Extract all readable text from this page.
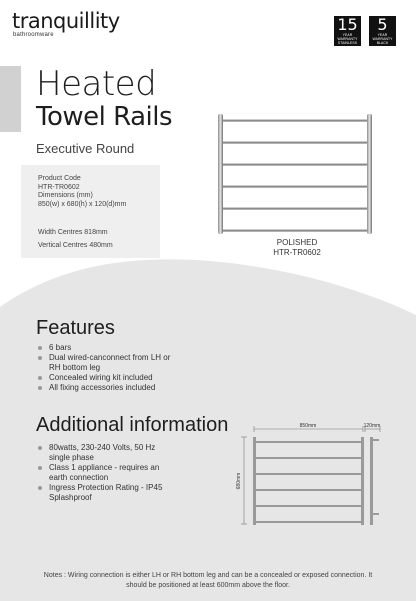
tranquillity
bathroomware
15
YEAR
WARRANTY
STAINLESS
5
YEAR
WARRANTY
BLACK
Heated
Towel Rails
Executive Round

Product Code

HTR-TR0602

Dimensions (mm)

850(w) x 680(h) x 120(d)mm

Width Centres 818mm

Vertical Centres 480mm	POLISHED
HTR-TR0602
Features
6 bars
Dual wired-canconnect from LH or RH bottom leg
Concealed wiring kit included
All fixing accessories included
Additional information
80watts, 230-240 Volts, 50 Hz single phase
Class 1 appliance - requires an earth connection
Ingress Protection Rating - IP45 Splashproof
850mm	120mm
680mm
Notes : Wiring connection is either LH or RH bottom leg and can be a concealed or exposed connection. It should be positioned at least 600mm above the floor.
